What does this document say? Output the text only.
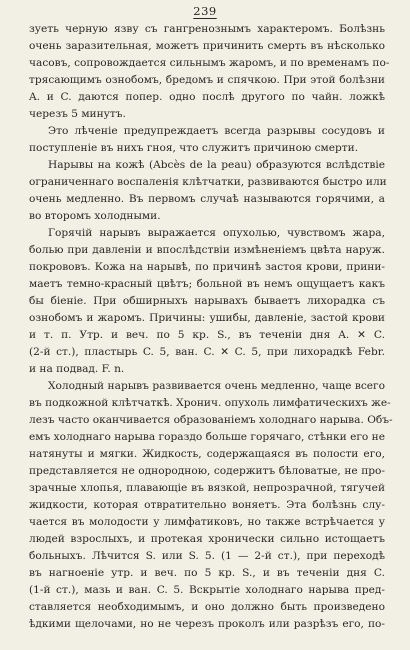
239
зуеть черную язву съ гангренознымъ характеромъ. Болѣзнь
очень заразительная, можетъ причинить смерть въ нѣсколько
часовъ, сопровождается сильнымъ жаромъ, и по временамъ по-
трясающимъ ознобомъ, бредомъ и спячкою. При этой болѣзни
A. и C. даются попер. одно послѣ другого по чайн. ложкѣ
черезъ 5 минутъ.
Это лѣченіе предупреждаетъ всегда разрывы сосудовъ и
поступленіе въ нихъ гноя, что служитъ причиною смерти.
Нарывы на кожѣ (Abcès de la peau) образуются вслѣдствіе
ограниченнаго воспаленія клѣтчатки, развиваются быстро или
очень медленно. Въ первомъ случаѣ называются горячими, а
во второмъ холодными.
Горячій нарывъ выражается опухолью, чувствомъ жара,
болью при давленіи и впослѣдствіи измѣненіемъ цвѣта наруж.
покрововъ. Кожа на нарывѣ, по причинѣ застоя крови, прини-
маетъ темно-красный цвѣтъ; больной въ немъ ощущаетъ какъ
бы біеніе. При обширныхъ нарывахъ бываетъ лихорадка съ
ознобомъ и жаромъ. Причины: ушибы, давленіе, застой крови
и т. п. Утр. и веч. по 5 кр. S., въ теченіи дня A. ✕ C.
(2-й ст.), пластырь C. 5, ван. C. ✕ C. 5, при лихорадкѣ Febr.
и на подвад. F. n.
Холодный нарывъ развивается очень медленно, чаще всего
въ подкожной клѣтчаткѣ. Хронич. опухоль лимфатическихъ же-
лезъ часто оканчивается образованіемъ холоднаго нарыва. Объ-
емъ холоднаго нарыва гораздо больше горячаго, стѣнки его не
натянуты и мягки. Жидкость, содержащаяся въ полости его,
представляется не однородною, содержитъ бѣловатые, не про-
зрачные хлопья, плавающіе въ вязкой, непрозрачной, тягучей
жидкости, которая отвратительно воняетъ. Эта болѣзнь слу-
чается въ молодости у лимфатиковъ, но также встрѣчается у
людей взрослыхъ, и протекая хронически сильно истощаетъ
больныхъ. Лѣчится S. или S. 5. (1 — 2-й ст.), при переходѣ
въ нагноеніе утр. и веч. по 5 кр. S., и въ теченіи дня C.
(1-й ст.), мазь и ван. C. 5. Вскрытіе холоднаго нарыва пред-
ставляется необходимымъ, и оно должно быть произведено
ѣдкими щелочами, но не черезъ проколъ или разрѣзъ его, по-
